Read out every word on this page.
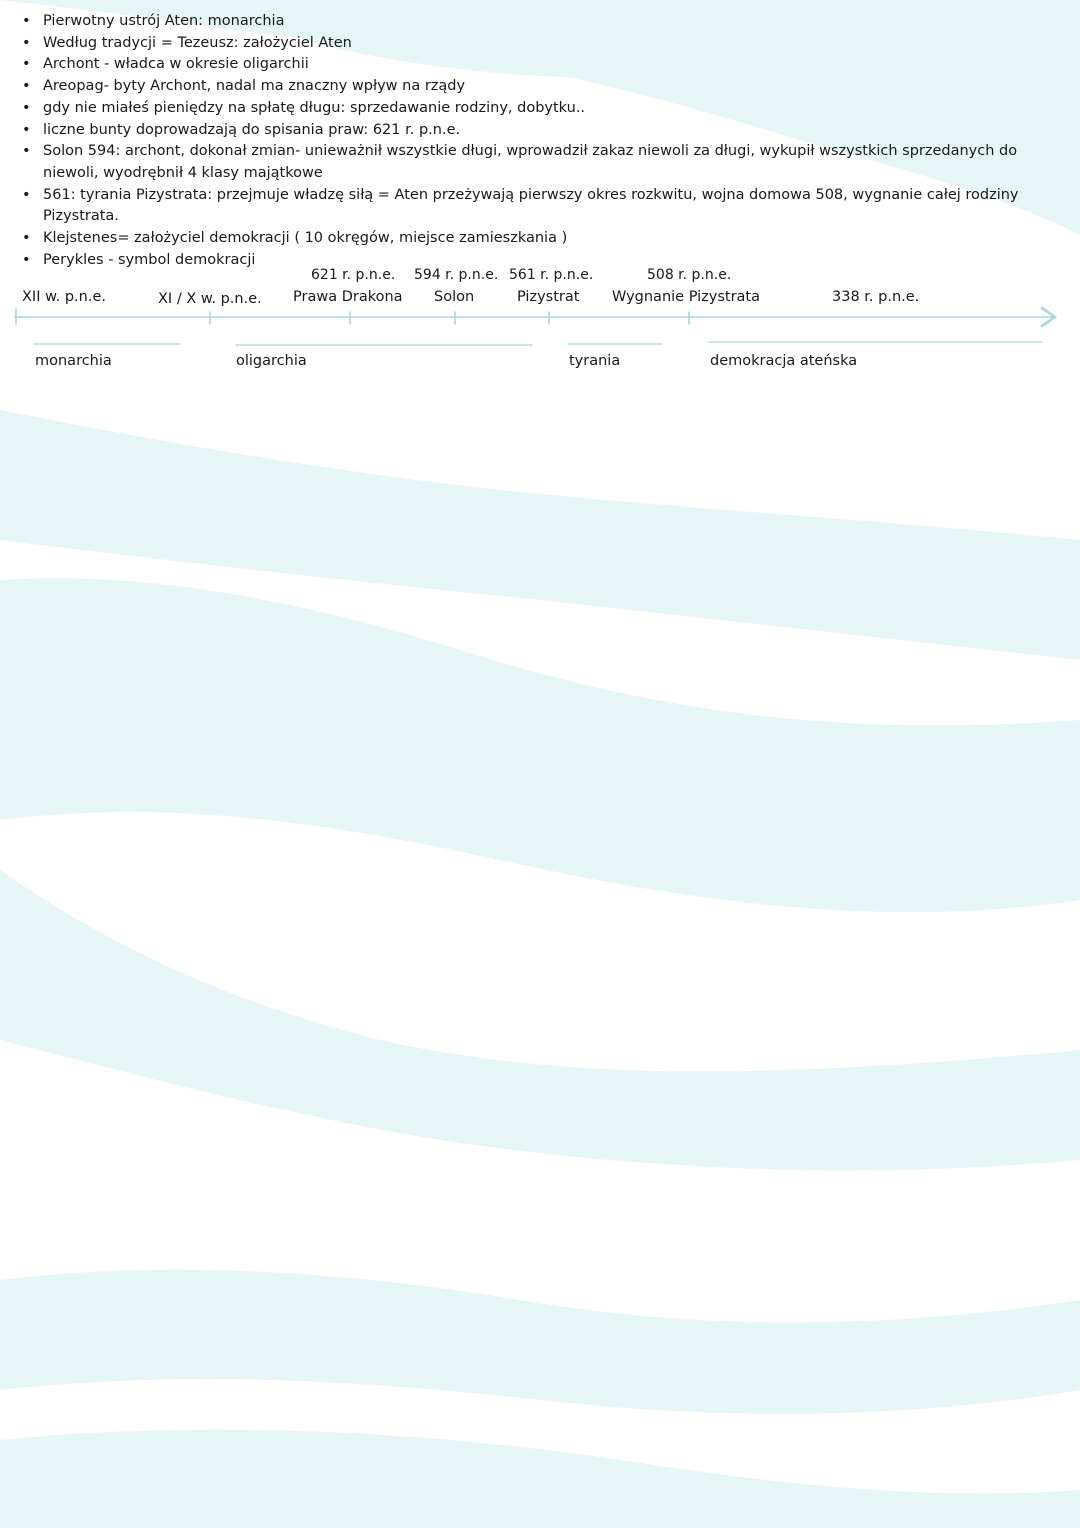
• Pierwotny ustrój Aten: monarchia
• Według tradycji = Tezeusz: założyciel Aten
• Archont - władca w okresie oligarchii
• Areopag- byty Archont, nadal ma znaczny wpływ na rządy
• gdy nie miałeś pieniędzy na spłatę długu: sprzedawanie rodziny, dobytku..
• liczne bunty doprowadzają do spisania praw: 621 r. p.n.e.
• Solon 594: archont, dokonał zmian- unieważnił wszystkie długi, wprowadził zakaz niewoli za długi, wykupił wszystkich sprzedanych do niewoli, wyodrębnił 4 klasy majątkowe
• 561: tyrania Pizystrata: przejmuje władzę siłą = Aten przeżywają pierwszy okres rozkwitu, wojna domowa 508, wygnanie całej rodziny Pizystrata.
• Klejstenes= założyciel demokracji ( 10 okręgów, miejsce zamieszkania )
• Perykles - symbol demokracji
XII w. p.n.e.	XI / X w. p.n.e.
621 r. p.n.e.
Prawa Drakona
594 r. p.n.e.
Solon
561 r. p.n.e.
Pizystrat
508 r. p.n.e.
Wygnanie Pizystrata	338 r. p.n.e.
monarchia	oligarchia	tyrania	demokracja ateńska
